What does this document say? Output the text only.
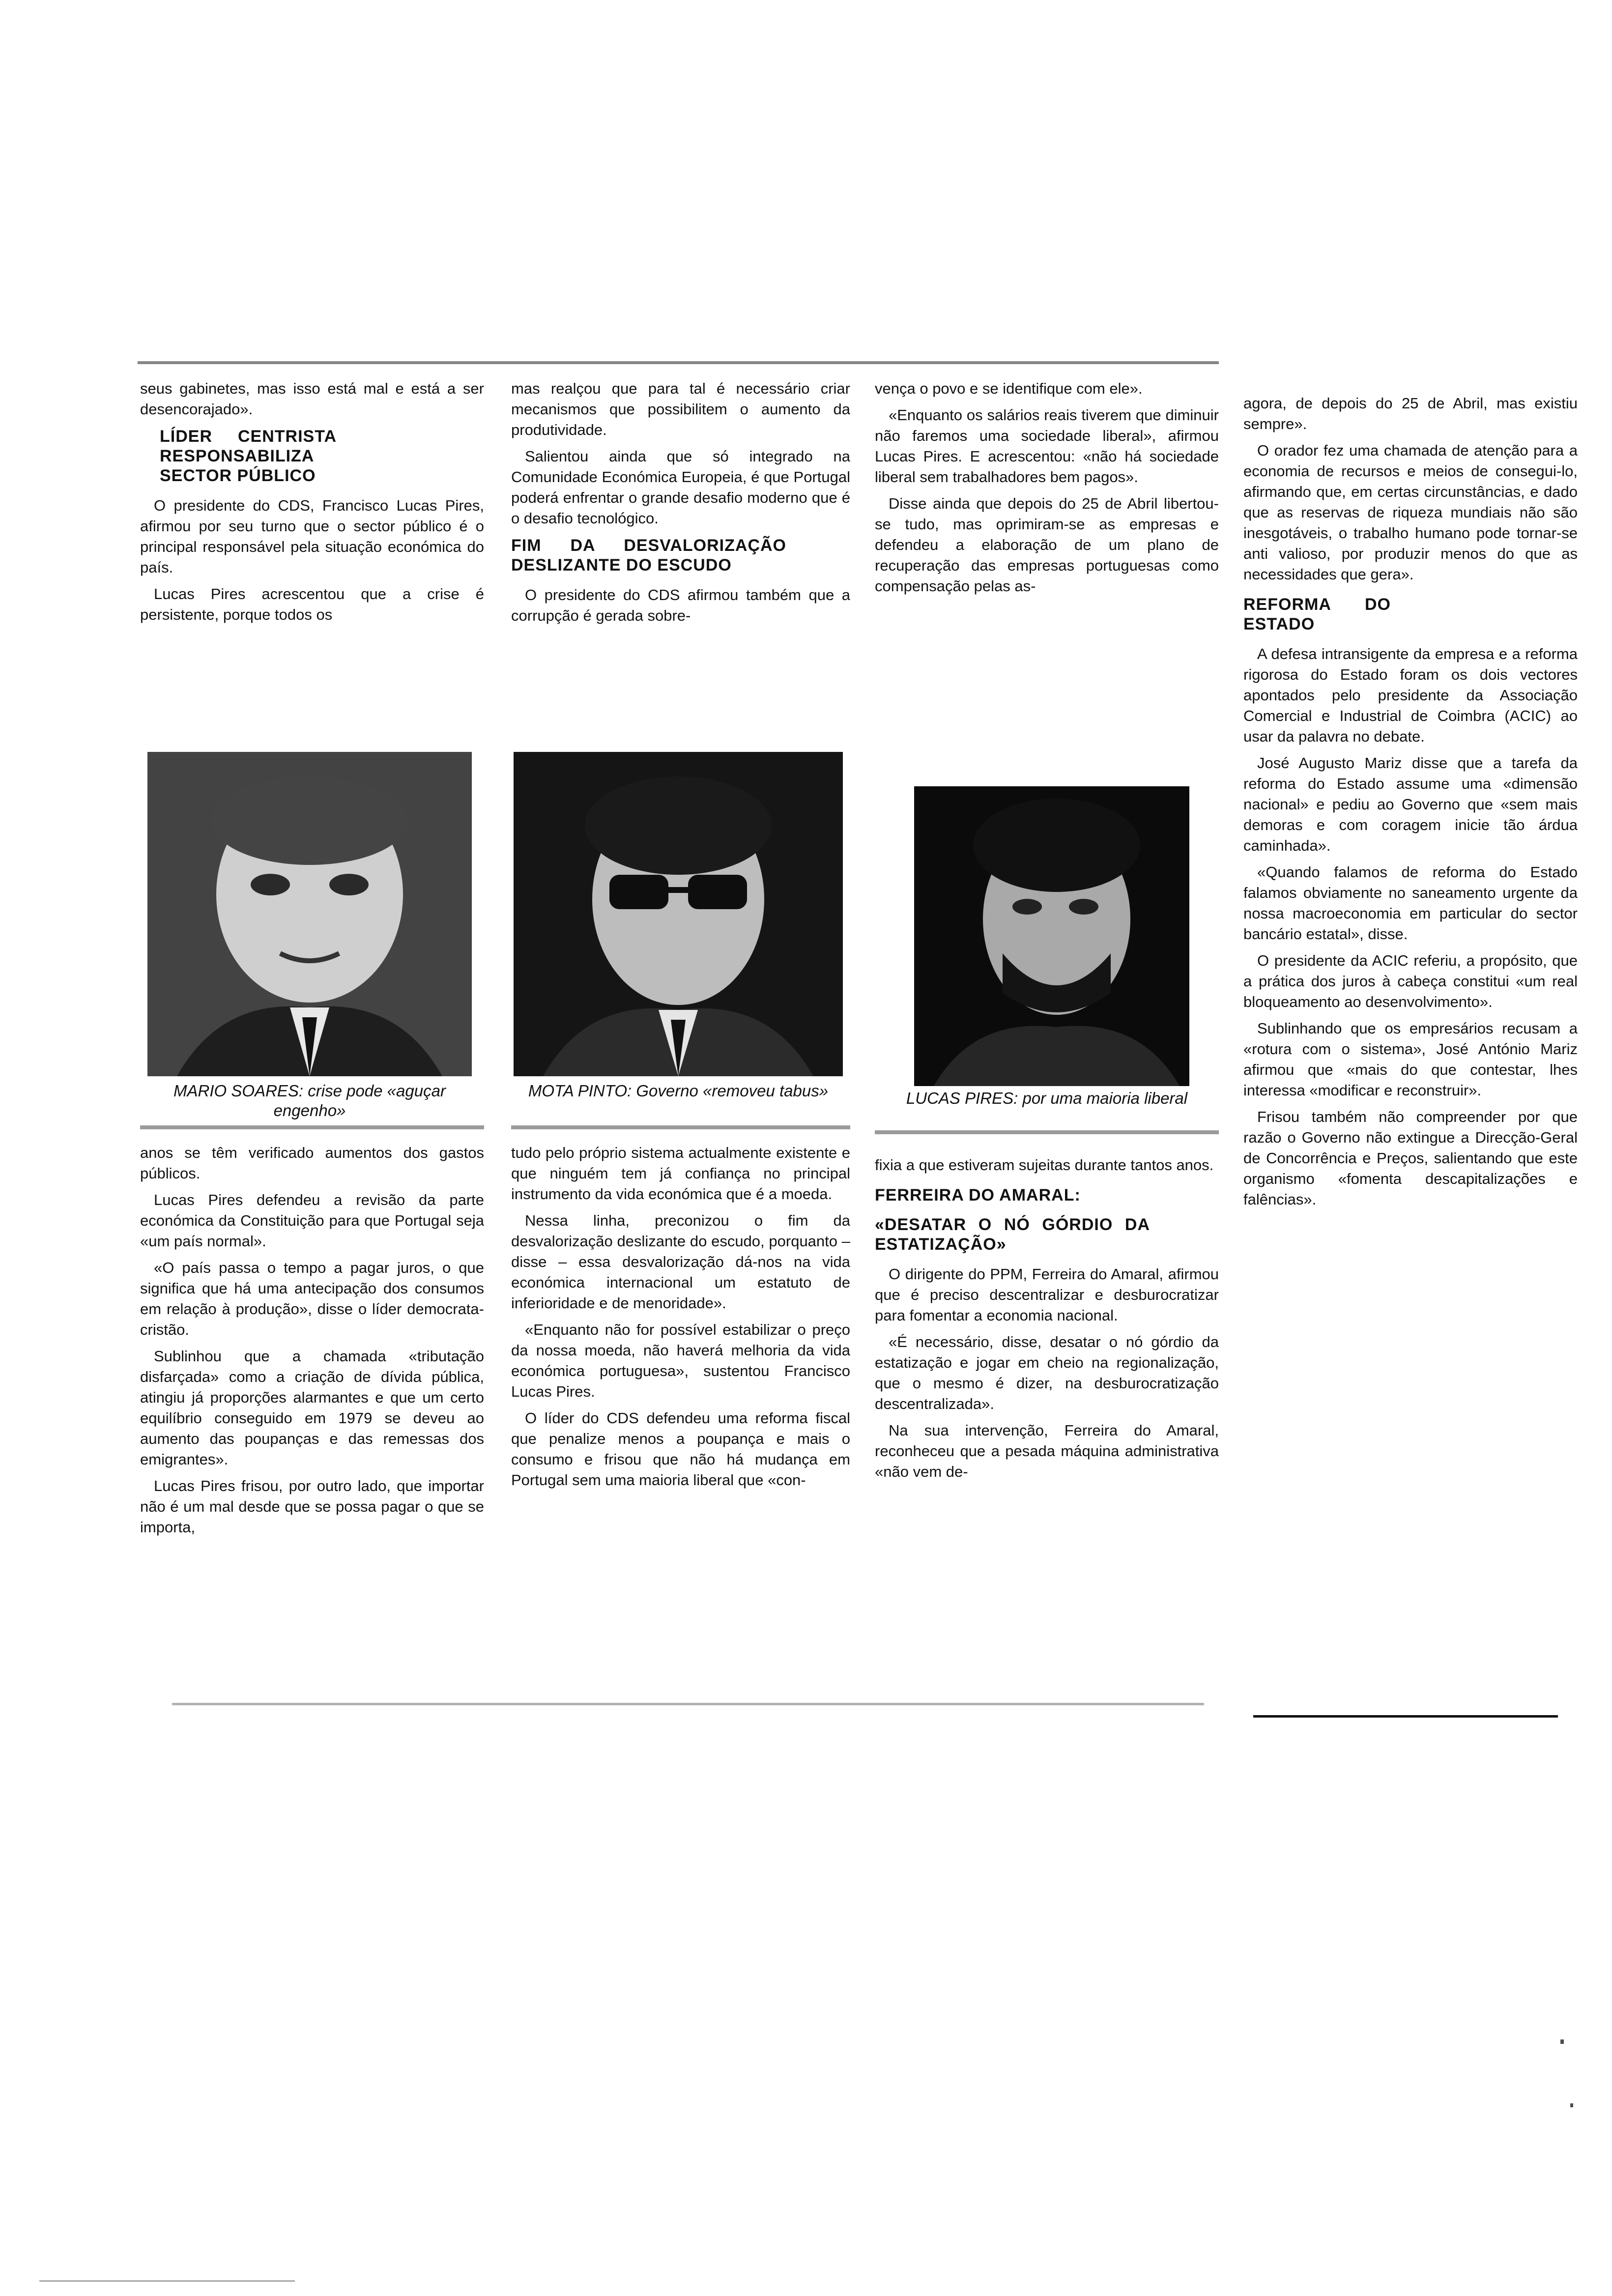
seus gabinetes, mas isso está mal e está a ser desencorajado».

LÍDER CENTRISTA RESPONSABILIZA SECTOR PÚBLICO

O presidente do CDS, Francisco Lucas Pires, afirmou por seu turno que o sector público é o principal responsável pela situação económica do país.

Lucas Pires acrescentou que a crise é persistente, porque todos os

MARIO SOARES: crise pode «aguçar engenho»

anos se têm verificado aumentos dos gastos públicos.

Lucas Pires defendeu a revisão da parte económica da Constituição para que Portugal seja «um país normal».

«O país passa o tempo a pagar juros, o que significa que há uma antecipação dos consumos em relação à produção», disse o líder democrata-cristão.

Sublinhou que a chamada «tributação disfarçada» como a criação de dívida pública, atingiu já proporções alarmantes e que um certo equilíbrio conseguido em 1979 se deveu ao aumento das poupanças e das remessas dos emigrantes».

Lucas Pires frisou, por outro lado, que importar não é um mal desde que se possa pagar o que se importa,

mas realçou que para tal é necessário criar mecanismos que possibilitem o aumento da produtividade.

Salientou ainda que só integrado na Comunidade Económica Europeia, é que Portugal poderá enfrentar o grande desafio moderno que é o desafio tecnológico.

FIM DA DESVALORIZAÇÃO DESLIZANTE DO ESCUDO

O presidente do CDS afirmou também que a corrupção é gerada sobre-

MOTA PINTO: Governo «removeu tabus»

tudo pelo próprio sistema actualmente existente e que ninguém tem já confiança no principal instrumento da vida económica que é a moeda.

Nessa linha, preconizou o fim da desvalorização deslizante do escudo, porquanto – disse – essa desvalorização dá-nos na vida económica internacional um estatuto de inferioridade e de menoridade».

«Enquanto não for possível estabilizar o preço da nossa moeda, não haverá melhoria da vida económica portuguesa», sustentou Francisco Lucas Pires.

O líder do CDS defendeu uma reforma fiscal que penalize menos a poupança e mais o consumo e frisou que não há mudança em Portugal sem uma maioria liberal que «con-

vença o povo e se identifique com ele».

«Enquanto os salários reais tiverem que diminuir não faremos uma sociedade liberal», afirmou Lucas Pires. E acrescentou: «não há sociedade liberal sem trabalhadores bem pagos».

Disse ainda que depois do 25 de Abril libertou-se tudo, mas oprimiram-se as empresas e defendeu a elaboração de um plano de recuperação das empresas portuguesas como compensação pelas as-

LUCAS PIRES: por uma maioria liberal

fixia a que estiveram sujeitas durante tantos anos.

FERREIRA DO AMARAL:
«DESATAR O NÓ GÓRDIO DA ESTATIZAÇÃO»

O dirigente do PPM, Ferreira do Amaral, afirmou que é preciso descentralizar e desburocratizar para fomentar a economia nacional.

«É necessário, disse, desatar o nó górdio da estatização e jogar em cheio na regionalização, que o mesmo é dizer, na desburocratização descentralizada».

Na sua intervenção, Ferreira do Amaral, reconheceu que a pesada máquina administrativa «não vem de-

agora, de depois do 25 de Abril, mas existiu sempre».

O orador fez uma chamada de atenção para a economia de recursos e meios de consegui-lo, afirmando que, em certas circunstâncias, e dado que as reservas de riqueza mundiais não são inesgotáveis, o trabalho humano pode tornar-se anti valioso, por produzir menos do que as necessidades que gera».

REFORMA DO ESTADO

A defesa intransigente da empresa e a reforma rigorosa do Estado foram os dois vectores apontados pelo presidente da Associação Comercial e Industrial de Coimbra (ACIC) ao usar da palavra no debate.

José Augusto Mariz disse que a tarefa da reforma do Estado assume uma «dimensão nacional» e pediu ao Governo que «sem mais demoras e com coragem inicie tão árdua caminhada».

«Quando falamos de reforma do Estado falamos obviamente no saneamento urgente da nossa macroeconomia em particular do sector bancário estatal», disse.

O presidente da ACIC referiu, a propósito, que a prática dos juros à cabeça constitui «um real bloqueamento ao desenvolvimento».

Sublinhando que os empresários recusam a «rotura com o sistema», José António Mariz afirmou que «mais do que contestar, lhes interessa «modificar e reconstruir».

Frisou também não compreender por que razão o Governo não extingue a Direcção-Geral de Concorrência e Preços, salientando que este organismo «fomenta descapitalizações e falências».
